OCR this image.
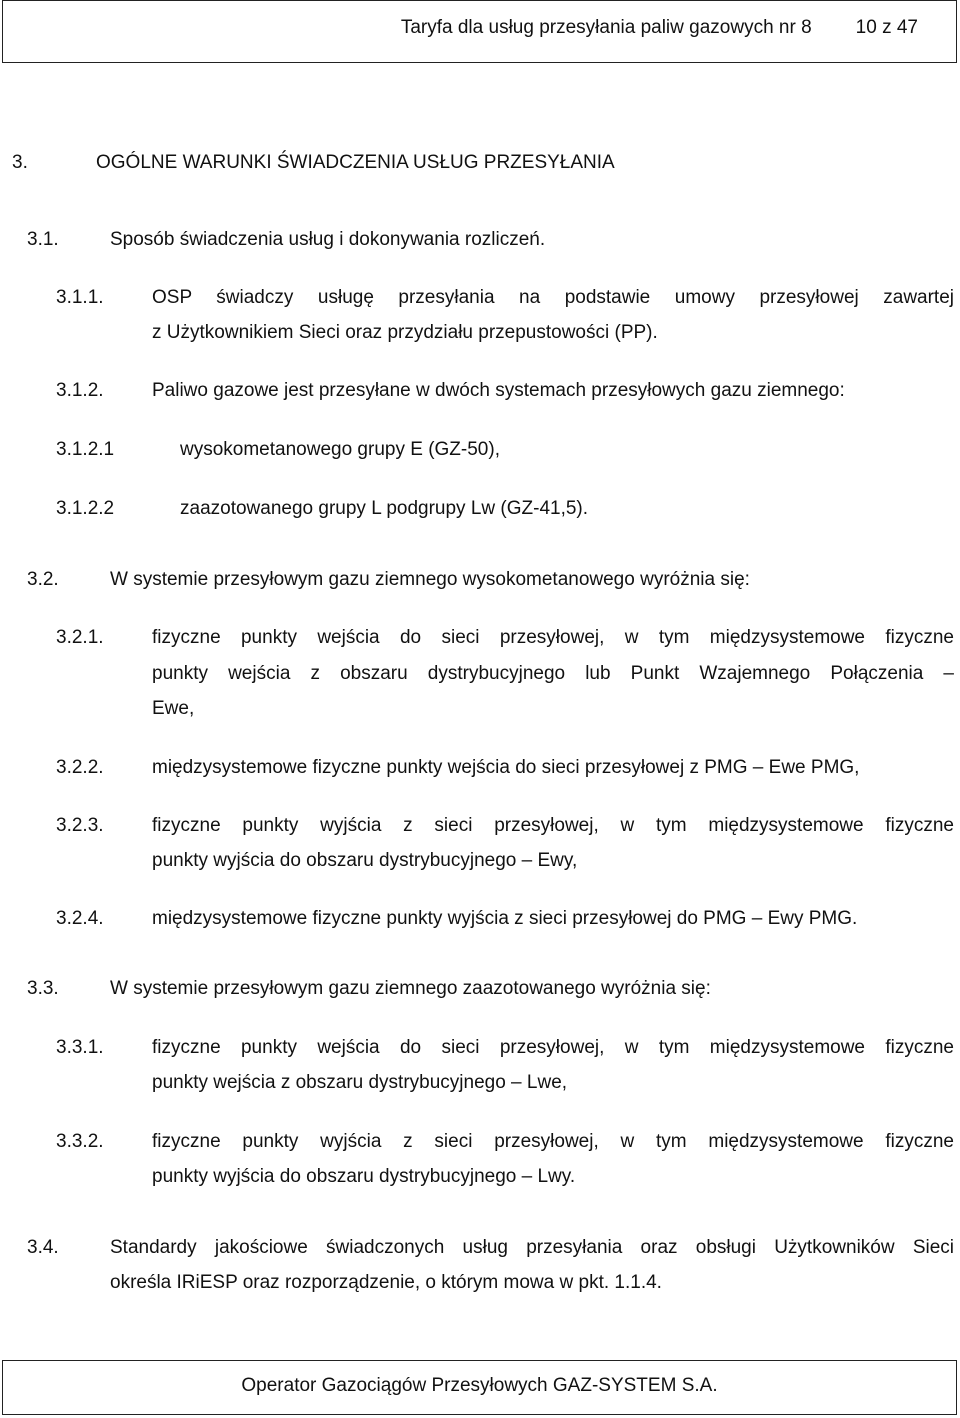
Taryfa dla usług przesyłania paliw gazowych nr 8 10 z 47
3.	OGÓLNE WARUNKI ŚWIADCZENIA USŁUG PRZESYŁANIA
3.1.	Sposób świadczenia usług i dokonywania rozliczeń.
3.1.1.	OSP świadczy usługę przesyłania na podstawie umowy przesyłowej zawartej
z Użytkownikiem Sieci oraz przydziału przepustowości (PP).
3.1.2.	Paliwo gazowe jest przesyłane w dwóch systemach przesyłowych gazu ziemnego:
3.1.2.1	wysokometanowego grupy E (GZ-50),
3.1.2.2	zaazotowanego grupy L podgrupy Lw (GZ-41,5).
3.2.	W systemie przesyłowym gazu ziemnego wysokometanowego wyróżnia się:
3.2.1.	fizyczne punkty wejścia do sieci przesyłowej, w tym międzysystemowe fizyczne
punkty wejścia z obszaru dystrybucyjnego lub Punkt Wzajemnego Połączenia –
Ewe,
3.2.2.	międzysystemowe fizyczne punkty wejścia do sieci przesyłowej z PMG – Ewe PMG,
3.2.3.	fizyczne punkty wyjścia z sieci przesyłowej, w tym międzysystemowe fizyczne
punkty wyjścia do obszaru dystrybucyjnego – Ewy,
3.2.4.	międzysystemowe fizyczne punkty wyjścia z sieci przesyłowej do PMG – Ewy PMG.
3.3.	W systemie przesyłowym gazu ziemnego zaazotowanego wyróżnia się:
3.3.1.	fizyczne punkty wejścia do sieci przesyłowej, w tym międzysystemowe fizyczne
punkty wejścia z obszaru dystrybucyjnego – Lwe,
3.3.2.	fizyczne punkty wyjścia z sieci przesyłowej, w tym międzysystemowe fizyczne
punkty wyjścia do obszaru dystrybucyjnego – Lwy.
3.4.	Standardy jakościowe świadczonych usług przesyłania oraz obsługi Użytkowników Sieci
określa IRiESP oraz rozporządzenie, o którym mowa w pkt. 1.1.4.
Operator Gazociągów Przesyłowych GAZ-SYSTEM S.A.
